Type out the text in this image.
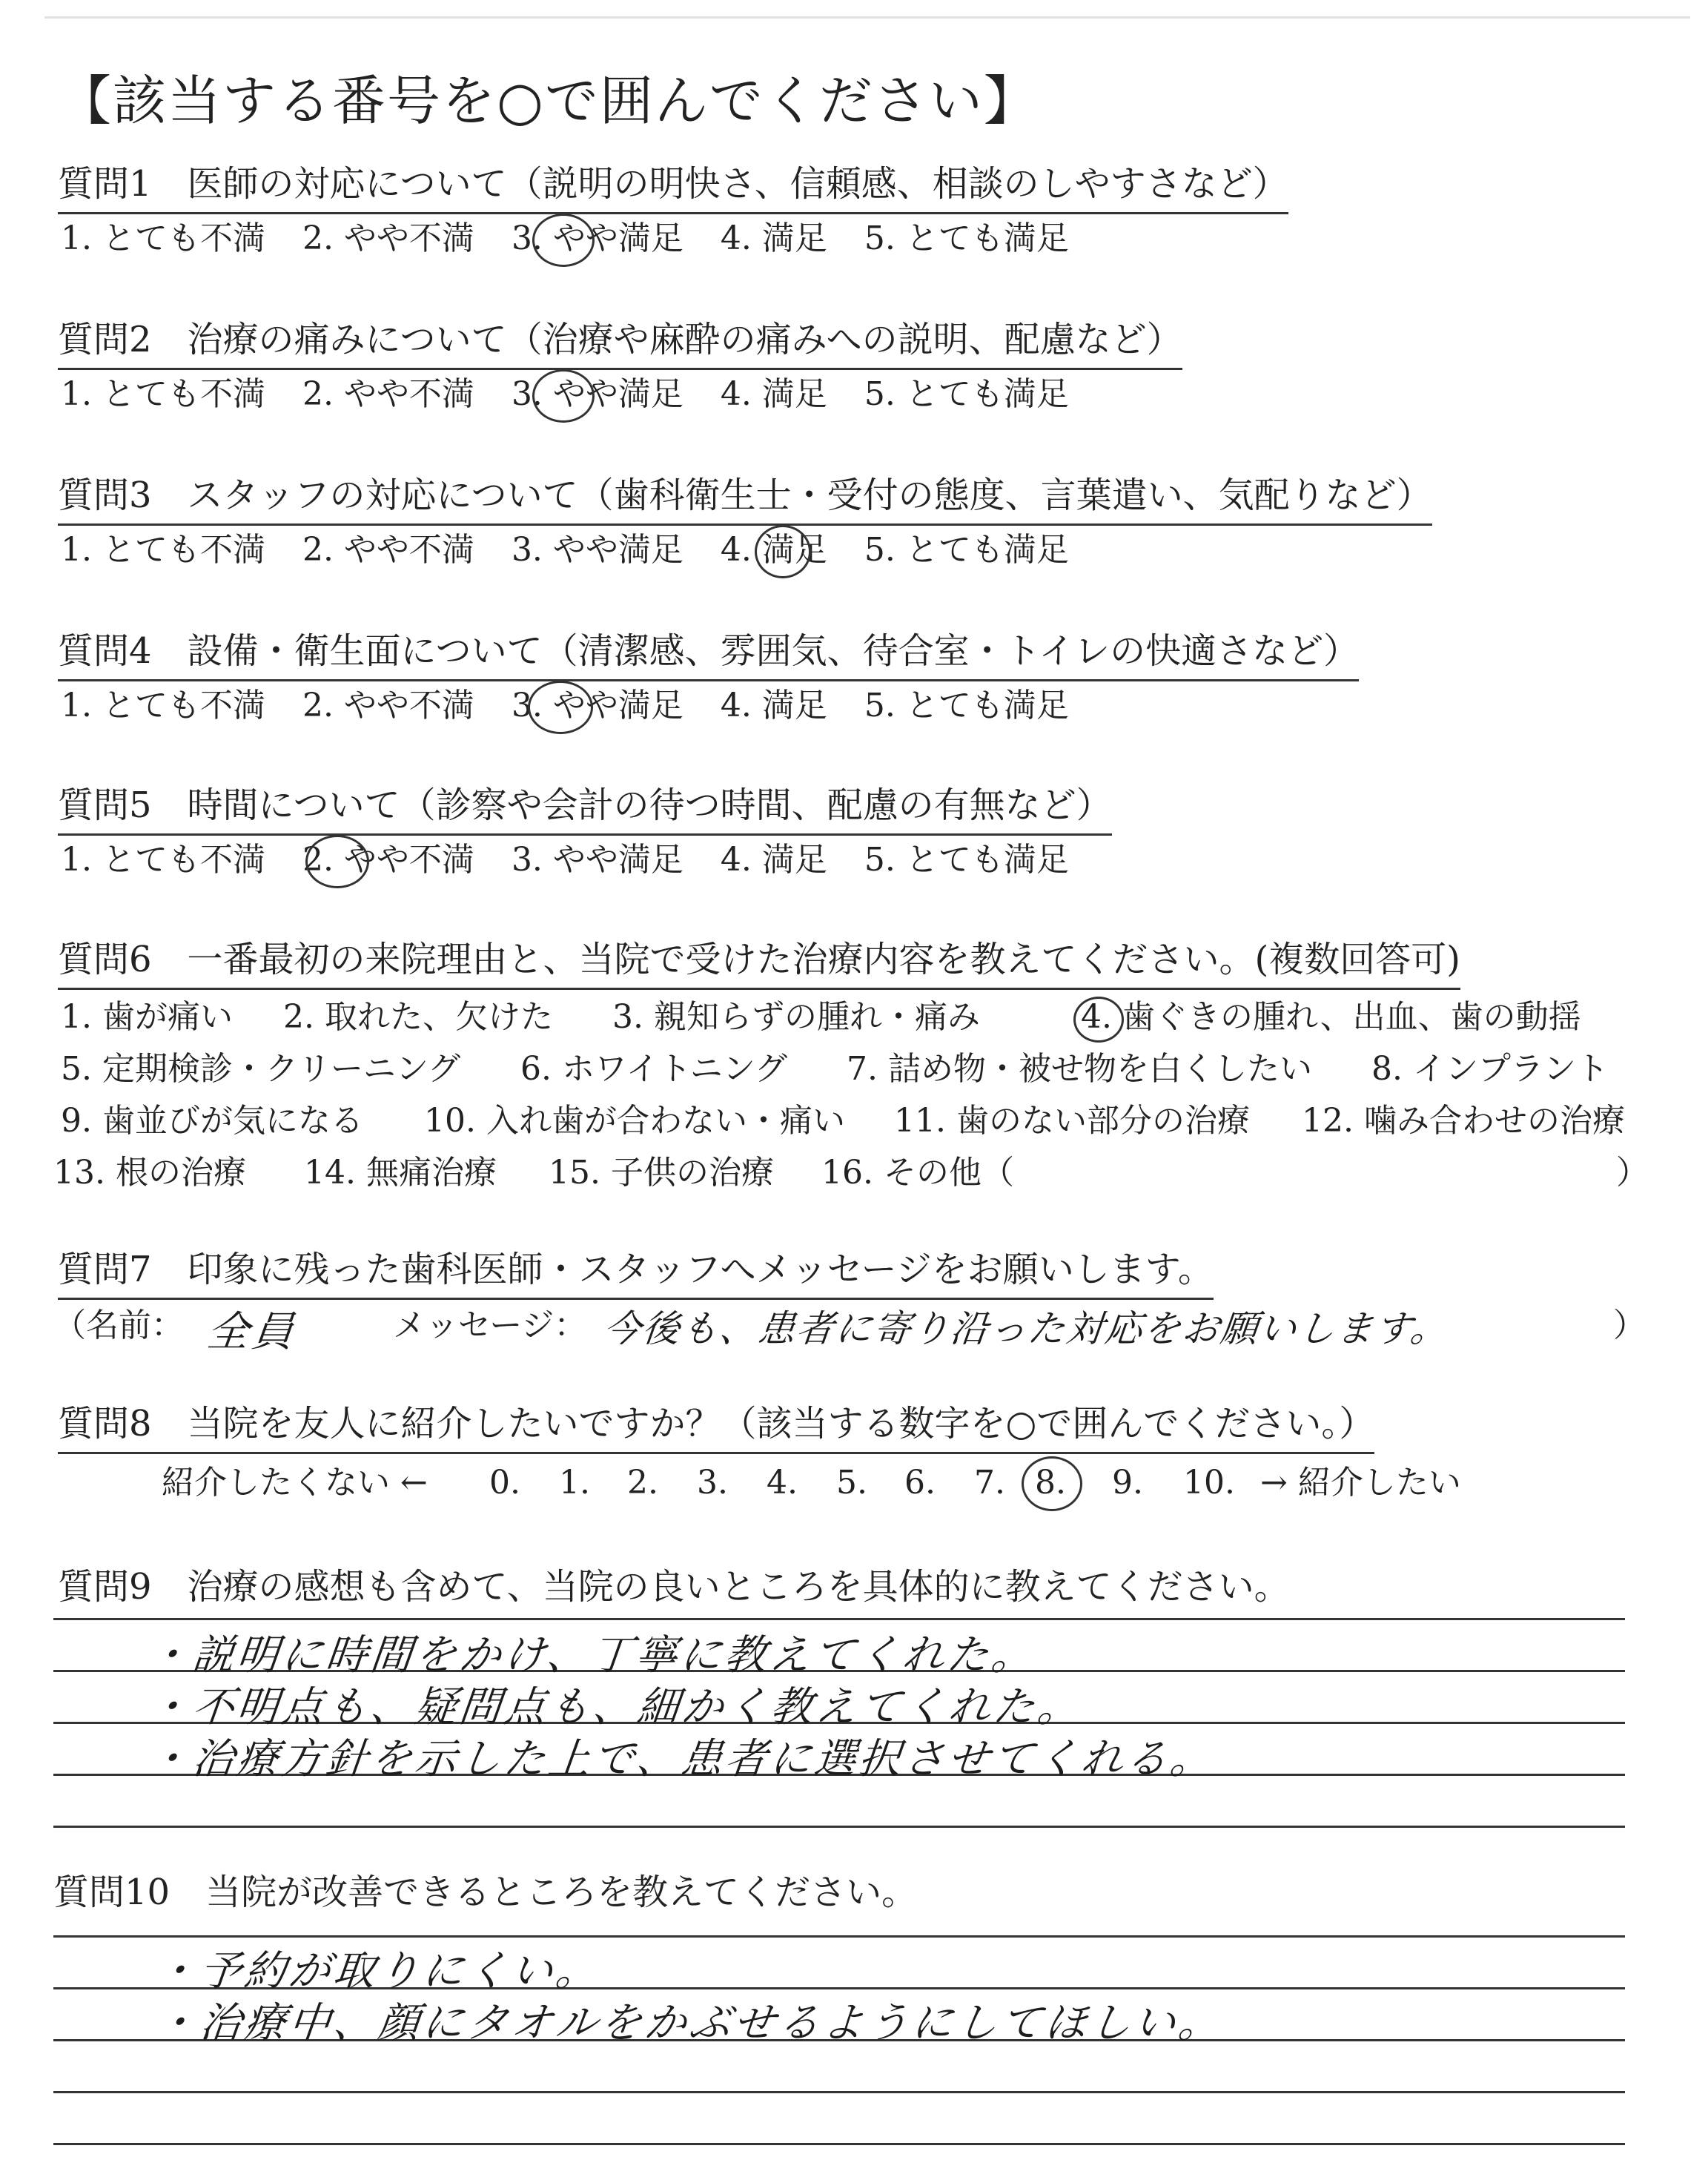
【該当する番号を○で囲んでください】
質問1　医師の対応について（説明の明快さ、信頼感、相談のしやすさなど）
1. とても不満 2. やや不満 3. やや満足 4. 満足 5. とても満足
質問2　治療の痛みについて（治療や麻酔の痛みへの説明、配慮など）
1. とても不満 2. やや不満 3. やや満足 4. 満足 5. とても満足
質問3　スタッフの対応について（歯科衛生士・受付の態度、言葉遣い、気配りなど）
1. とても不満 2. やや不満 3. やや満足 4. 満足 5. とても満足
質問4　設備・衛生面について（清潔感、雰囲気、待合室・トイレの快適さなど）
1. とても不満 2. やや不満 3. やや満足 4. 満足 5. とても満足
質問5　時間について（診察や会計の待つ時間、配慮の有無など）
1. とても不満 2. やや不満 3. やや満足 4. 満足 5. とても満足
質問6　一番最初の来院理由と、当院で受けた治療内容を教えてください。(複数回答可)
1. 歯が痛い 2. 取れた、欠けた 3. 親知らずの腫れ・痛み	4. 歯ぐきの腫れ、出血、歯の動揺
5. 定期検診・クリーニング 6. ホワイトニング 7. 詰め物・被せ物を白くしたい 8. インプラント
9. 歯並びが気になる 10. 入れ歯が合わない・痛い 11. 歯のない部分の治療 12. 噛み合わせの治療
13. 根の治療 14. 無痛治療 15. 子供の治療 16. その他（	）
質問7　印象に残った歯科医師・スタッフへメッセージをお願いします。
（名前： 全員	メッセージ： 今後も、患者に寄り沿った対応をお願いします。	）
質問8　当院を友人に紹介したいですか？（該当する数字を○で囲んでください。）
紹介したくない ← 0. 1. 2. 3. 4. 5. 6. 7. 8. 9. 10. → 紹介したい
質問9　治療の感想も含めて、当院の良いところを具体的に教えてください。
・説明に時間をかけ、丁寧に教えてくれた。
・不明点も、疑問点も、細かく教えてくれた。
・治療方針を示した上で、患者に選択させてくれる。
質問10　当院が改善できるところを教えてください。
・予約が取りにくい。
・治療中、顔にタオルをかぶせるようにしてほしい。
